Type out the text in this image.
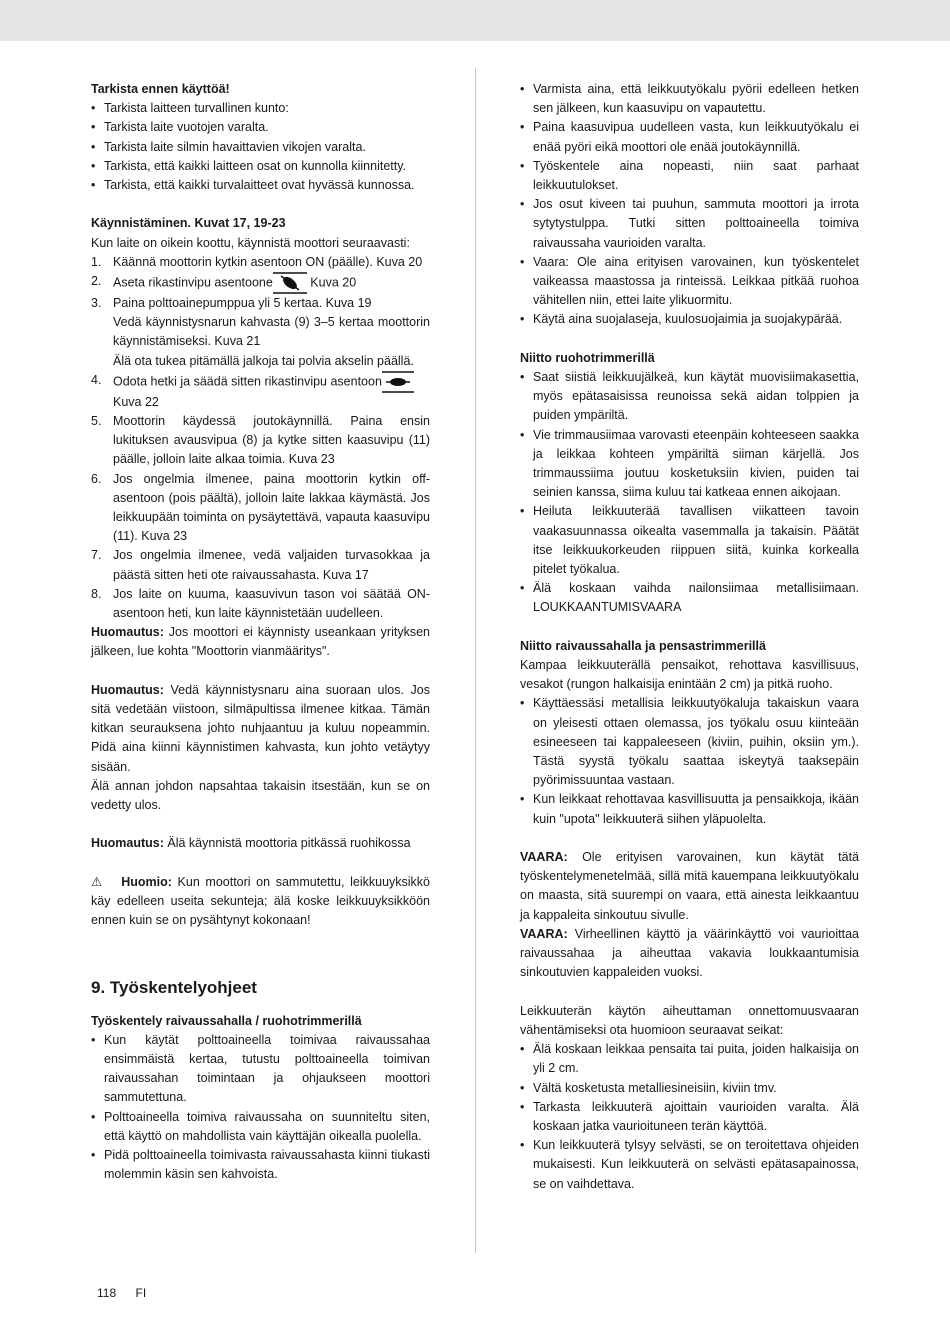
Tarkista ennen käyttöä!

• Tarkista laitteen turvallinen kunto:

• Tarkista laite vuotojen varalta.

• Tarkista laite silmin havaittavien vikojen varalta.

• Tarkista, että kaikki laitteen osat on kunnolla kiinnitetty.

• Tarkista, että kaikki turvalaitteet ovat hyvässä kunnossa.

Käynnistäminen. Kuvat 17, 19-23

Kun laite on oikein koottu, käynnistä moottori seuraavasti:

1. Käännä moottorin kytkin asentoon ON (päälle). Kuva 20

2. Aseta rikastinvipu asentoone	Kuva 20

3. Paina polttoainepumppua yli 5 kertaa. Kuva 19

Vedä käynnistysnarun kahvasta (9) 3–5 kertaa moottorin käynnistämiseksi. Kuva 21

Älä ota tukea pitämällä jalkoja tai polvia akselin päällä.

4. Odota hetki ja säädä sitten rikastinvipu asentoon
Kuva 22

5. Moottorin käydessä joutokäynnillä. Paina ensin lukituksen avausvipua (8) ja kytke sitten kaasuvipu (11) päälle, jolloin laite alkaa toimia. Kuva 23

6. Jos ongelmia ilmenee, paina moottorin kytkin off-asentoon (pois päältä), jolloin laite lakkaa käymästä. Jos leikkuupään toiminta on pysäytettävä, vapauta kaasuvipu (11). Kuva 23

7. Jos ongelmia ilmenee, vedä valjaiden turvasokkaa ja päästä sitten heti ote raivaussahasta. Kuva 17

8. Jos laite on kuuma, kaasuvivun tason voi säätää ON-asentoon heti, kun laite käynnistetään uudelleen.

Huomautus: Jos moottori ei käynnisty useankaan yrityksen jälkeen, lue kohta "Moottorin vianmääritys".

Huomautus: Vedä käynnistysnaru aina suoraan ulos. Jos sitä vedetään viistoon, silmäpultissa ilmenee kitkaa. Tämän kitkan seurauksena johto nuhjaantuu ja kuluu nopeammin. Pidä aina kiinni käynnistimen kahvasta, kun johto vetäytyy sisään.

Älä annan johdon napsahtaa takaisin itsestään, kun se on vedetty ulos.

Huomautus: Älä käynnistä moottoria pitkässä ruohikossa

⚠ Huomio: Kun moottori on sammutettu, leikkuuyksikkö käy edelleen useita sekunteja; älä koske leikkuuyksikköön ennen kuin se on pysähtynyt kokonaan!

9. Työskentelyohjeet

Työskentely raivaussahalla / ruohotrimmerillä

• Kun käytät polttoaineella toimivaa raivaussahaa ensimmäistä kertaa, tutustu polttoaineella toimivan raivaussahan toimintaan ja ohjaukseen moottori sammutettuna.

• Polttoaineella toimiva raivaussaha on suunniteltu siten, että käyttö on mahdollista vain käyttäjän oikealla puolella.

• Pidä polttoaineella toimivasta raivaussahasta kiinni tiukasti molemmin käsin sen kahvoista.

• Varmista aina, että leikkuutyökalu pyörii edelleen hetken sen jälkeen, kun kaasuvipu on vapautettu.

• Paina kaasuvipua uudelleen vasta, kun leikkuutyökalu ei enää pyöri eikä moottori ole enää joutokäynnillä.

• Työskentele aina nopeasti, niin saat parhaat leikkuutulokset.

• Jos osut kiveen tai puuhun, sammuta moottori ja irrota sytytystulppa. Tutki sitten polttoaineella toimiva raivaussaha vaurioiden varalta.

• Vaara: Ole aina erityisen varovainen, kun työskentelet vaikeassa maastossa ja rinteissä. Leikkaa pitkää ruohoa vähitellen niin, ettei laite ylikuormitu.

• Käytä aina suojalaseja, kuulosuojaimia ja suojakypärää.

Niitto ruohotrimmerillä

• Saat siistiä leikkuujälkeä, kun käytät muovisiimakasettia, myös epätasaisissa reunoissa sekä aidan tolppien ja puiden ympäriltä.

• Vie trimmausiimaa varovasti eteenpäin kohteeseen saakka ja leikkaa kohteen ympäriltä siiman kärjellä. Jos trimmaussiima joutuu kosketuksiin kivien, puiden tai seinien kanssa, siima kuluu tai katkeaa ennen aikojaan.

• Heiluta leikkuuterää tavallisen viikatteen tavoin vaakasuunnassa oikealta vasemmalla ja takaisin. Päätät itse leikkuukorkeuden riippuen siitä, kuinka korkealla pitelet työkalua.

• Älä koskaan vaihda nailonsiimaa metallisiimaan. LOUKKAANTUMISVAARA

Niitto raivaussahalla ja pensastrimmerillä

Kampaa leikkuuterällä pensaikot, rehottava kasvillisuus, vesakot (rungon halkaisija enintään 2 cm) ja pitkä ruoho.

• Käyttäessäsi metallisia leikkuutyökaluja takaiskun vaara on yleisesti ottaen olemassa, jos työkalu osuu kiinteään esineeseen tai kappaleeseen (kiviin, puihin, oksiin ym.). Tästä syystä työkalu saattaa iskeytyä taaksepäin pyörimissuuntaa vastaan.

• Kun leikkaat rehottavaa kasvillisuutta ja pensaikkoja, ikään kuin "upota" leikkuuterä siihen yläpuolelta.

VAARA: Ole erityisen varovainen, kun käytät tätä työskentelymenetelmää, sillä mitä kauempana leikkuutyökalu on maasta, sitä suurempi on vaara, että ainesta leikkaantuu ja kappaleita sinkoutuu sivulle.

VAARA: Virheellinen käyttö ja väärinkäyttö voi vaurioittaa raivaussahaa ja aiheuttaa vakavia loukkaantumisia sinkoutuvien kappaleiden vuoksi.

Leikkuuterän käytön aiheuttaman onnettomuusvaaran vähentämiseksi ota huomioon seuraavat seikat:

• Älä koskaan leikkaa pensaita tai puita, joiden halkaisija on yli 2 cm.

• Vältä kosketusta metalliesineisiin, kiviin tmv.

• Tarkasta leikkuuterä ajoittain vaurioiden varalta. Älä koskaan jatka vaurioituneen terän käyttöä.

• Kun leikkuuterä tylsyy selvästi, se on teroitettava ohjeiden mukaisesti. Kun leikkuuterä on selvästi epätasapainossa, se on vaihdettava.

118 FI
